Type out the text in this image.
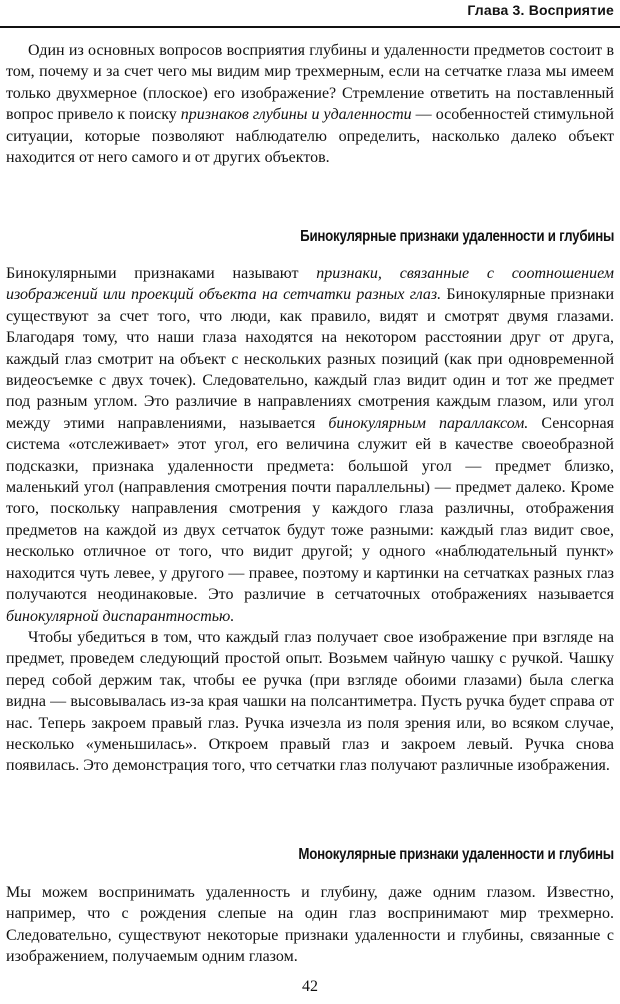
Глава 3. Восприятие

Один из основных вопросов восприятия глубины и удаленности предметов состоит в том, почему и за счет чего мы видим мир трехмерным, если на сетчатке глаза мы имеем только двухмерное (плоское) его изображение? Стремление ответить на поставленный вопрос привело к поиску признаков глубины и удаленности — особенностей стимульной ситуации, которые позволяют наблюдателю определить, насколько далеко объект находится от него самого и от других объектов.

Бинокулярные признаки удаленности и глубины

Бинокулярными признаками называют признаки, связанные с соотношением изображений или проекций объекта на сетчатки разных глаз. Бинокулярные признаки существуют за счет того, что люди, как правило, видят и смотрят двумя глазами. Благодаря тому, что наши глаза находятся на некотором расстоянии друг от друга, каждый глаз смотрит на объект с нескольких разных позиций (как при одновременной видеосъемке с двух точек). Следовательно, каждый глаз видит один и тот же предмет под разным углом. Это различие в направлениях смотрения каждым глазом, или угол между этими направлениями, называется бинокулярным параллаксом. Сенсорная система «отслеживает» этот угол, его величина служит ей в качестве своеобразной подсказки, признака удаленности предмета: большой угол — предмет близко, маленький угол (направления смотрения почти параллельны) — предмет далеко. Кроме того, поскольку направления смотрения у каждого глаза различны, отображения предметов на каждой из двух сетчаток будут тоже разными: каждый глаз видит свое, несколько отличное от того, что видит другой; у одного «наблюдательный пункт» находится чуть левее, у другого — правее, поэтому и картинки на сетчатках разных глаз получаются неодинаковые. Это различие в сетчаточных отображениях называется бинокулярной диспарантностью.

Чтобы убедиться в том, что каждый глаз получает свое изображение при взгляде на предмет, проведем следующий простой опыт. Возьмем чайную чашку с ручкой. Чашку перед собой держим так, чтобы ее ручка (при взгляде обоими глазами) была слегка видна — высовывалась из-за края чашки на полсантиметра. Пусть ручка будет справа от нас. Теперь закроем правый глаз. Ручка изчезла из поля зрения или, во всяком случае, несколько «уменьшилась». Откроем правый глаз и закроем левый. Ручка снова появилась. Это демонстрация того, что сетчатки глаз получают различные изображения.

Монокулярные признаки удаленности и глубины

Мы можем воспринимать удаленность и глубину, даже одним глазом. Известно, например, что с рождения слепые на один глаз воспринимают мир трехмерно. Следовательно, существуют некоторые признаки удаленности и глубины, связанные с изображением, получаемым одним глазом.

42
